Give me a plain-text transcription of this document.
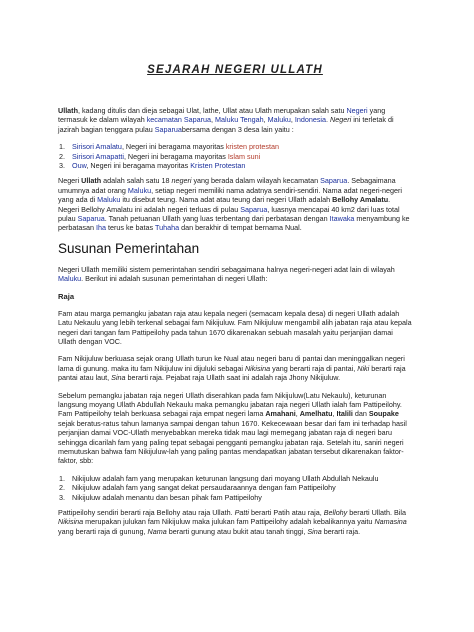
SEJARAH NEGERI ULLATH

Ullath, kadang ditulis dan dieja sebagai Ulat, lathe, Ullat atau Ulath merupakan salah satu Negeri yang termasuk ke dalam wilayah kecamatan Saparua, Maluku Tengah, Maluku, Indonesia. Negeri ini terletak di jazirah bagian tenggara pulau Saparuabersama dengan 3 desa lain yaitu :

1. Sirisori Amalatu, Negeri ini beragama mayoritas kristen protestan
2. Sirisori Amapatti, Negeri ini beragama mayoritas Islam suni
3. Ouw, Negeri ini beragama mayoritas Kristen Protestan

Negeri Ullath adalah salah satu 18 negeri yang berada dalam wilayah kecamatan Saparua. Sebagaimana umumnya adat orang Maluku, setiap negeri memiliki nama adatnya sendiri-sendiri. Nama adat negeri-negeri yang ada di Maluku itu disebut teung. Nama adat atau teung dari negeri Ullath adalah Bellohy Amalatu. Negeri Bellohy Amalatu ini adalah negeri terluas di pulau Saparua, luasnya mencapai 40 km2 dari luas total pulau Saparua. Tanah petuanan Ullath yang luas terbentang dari perbatasan dengan Itawaka menyambung ke perbatasan Iha terus ke batas Tuhaha dan berakhir di tempat bernama Nual.

Susunan Pemerintahan

Negeri Ullath memiliki sistem pemerintahan sendiri sebagaimana halnya negeri-negeri adat lain di wilayah Maluku. Berikut ini adalah susunan pemerintahan di negeri Ullath:

Raja

Fam atau marga pemangku jabatan raja atau kepala negeri (semacam kepala desa) di negeri Ullath adalah Latu Nekaulu yang lebih terkenal sebagai fam Nikijuluw. Fam Nikijuluw mengambil alih jabatan raja atau kepala negeri dari tangan fam Pattipeilohy pada tahun 1670 dikarenakan sebuah masalah yaitu perjanjian damai Ullath dengan VOC.

Fam Nikijuluw berkuasa sejak orang Ullath turun ke Nual atau negeri baru di pantai dan meninggalkan negeri lama di gunung. maka itu fam Nikijuluw ini dijuluki sebagai Nikisina yang berarti raja di pantai, Niki berarti raja pantai atau laut, Sina berarti raja. Pejabat raja Ullath saat ini adalah raja Jhony Nikijuluw.

Sebelum pemangku jabatan raja negeri Ullath diserahkan pada fam Nikijuluw(Latu Nekaulu), keturunan langsung moyang Ullath Abdullah Nekaulu maka pemangku jabatan raja negeri Ullath ialah fam Pattipeilohy. Fam Pattipeilohy telah berkuasa sebagai raja empat negeri lama Amahani, Amelhatu, Italili dan Soupake sejak beratus-ratus tahun lamanya sampai dengan tahun 1670. Kekecewaan besar dari fam ini terhadap hasil perjanjian damai VOC-Ullath menyebabkan mereka tidak mau lagi memegang jabatan raja di negeri baru sehingga dicarilah fam yang paling tepat sebagai pengganti pemangku jabatan raja. Setelah itu, saniri negeri memutuskan bahwa fam Nikijuluw-lah yang paling pantas mendapatkan jabatan tersebut dikarenakan faktor-faktor, sbb:

1. Nikijuluw adalah fam yang merupakan keturunan langsung dari moyang Ullath Abdullah Nekaulu
2. Nikijuluw adalah fam yang sangat dekat persaudaraannya dengan fam Pattipeilohy
3. Nikijuluw adalah menantu dan besan pihak fam Pattipeilohy

Pattipeilohy sendiri berarti raja Bellohy atau raja Ullath. Patti berarti Patih atau raja, Bellohy berarti Ullath. Bila Nikisina merupakan julukan fam Nikijuluw maka julukan fam Pattipeilohy adalah kebalikannya yaitu Namasina yang berarti raja di gunung, Nama berarti gunung atau bukit atau tanah tinggi, Sina berarti raja.
